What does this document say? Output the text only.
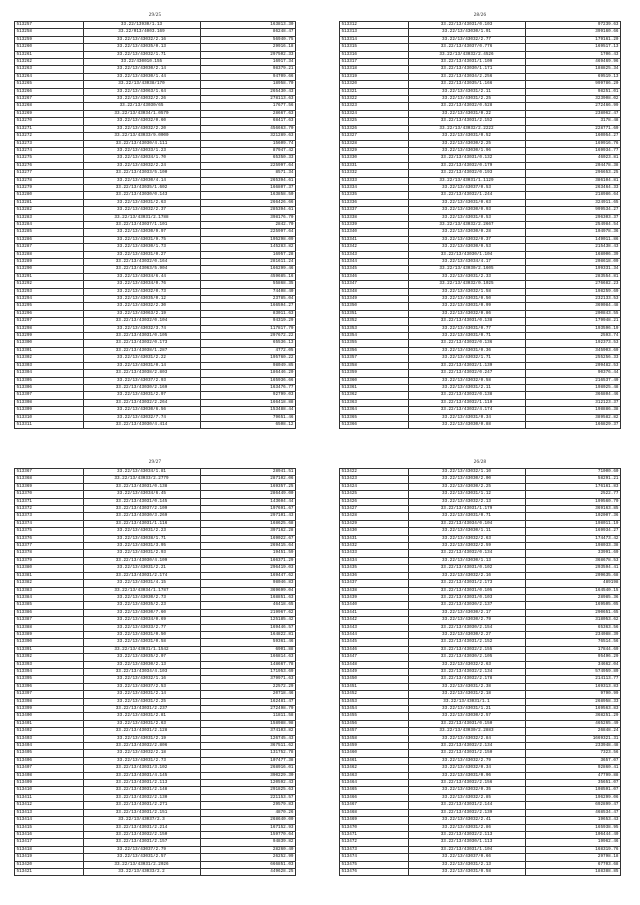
29/25
513257	33.22/13930/1.13	163813.30
513258	33.22/013/4003.169	86248.47
513259	33.22/13/43032/2.16	56940.75
513260	33.22/13/43035/0.13	29916.18
513261	33.22/13/43032/1.71	297502.33
513262	33.22/430010.155	16917.34
513263	33.22/13/43030/2.14	98379.21
513264	33.22/13/43030/1.44	94709.66
513265	33.22/13/43038/170	18958.70
513266	33.22/13/43063/1.64	265430.43
513267	33.22/13/43032/2.26	278113.63
513268	33.22/13/43030/65	17677.56
513269	33.22/13/43034/1.0570	28667.63
513270	33.22/13/43032/0.60	68417.63
513271	33.22/13/43032/2.20	456663.70
513272	33.22/13/43033/9.0000	321289.63
513273	33.22/13/43030/4.111	15609.74
513274	33.22/13/43033/1.23	87947.42
513275	33.22/13/43034/1.70	65350.33
513276	33.22/13/43032/2.24	225997.64
513277	33.22/13/43033/5.100	8571.34
513278	33.22/13/43030/4.14	265394.61
513279	33.22/13/43035/1.602	166807.37
513280	33.22/13/43030/0.143	163858.50
513281	33.22/13/43031/2.63	266426.66
513282	33.22/13/43032/2.37	285394.61
513283	33.22/13/43031/2.1788	398176.70
513284	33.22/13/43037/1.101	2842.70
513285	33.22/13/43030/9.97	225997.64
513286	33.22/13/43031/9.75	195298.09
513287	33.22/13/43030/1.73	145283.82
513288	33.22/13/43031/0.27	16957.28
513289	33.22/13/43032/0.164	281611.24
513290	33.22/13/43063/5.904	166299.46
513291	33.22/13/43034/6.44	459685.16
513292	33.22/13/43034/0.76	55868.35
513293	33.22/13/43032/0.73	74408.40
513294	33.22/13/43035/0.12	23785.04
513295	33.22/13/43032/2.30	166594.27
513296	33.22/13/43063/2.19	83011.63
513297	33.22/13/43032/0.104	94319.29
513298	33.22/13/43032/3.74	117817.79
513299	33.22/13/43031/0.105	297672.22
513300	33.22/13/43032/0.173	65536.13
513301	33.22/13/43038/1.287	4772.05
513302	33.22/13/43031/2.22	195760.22
513303	33.22/13/43031/0.14	98049.85
513304	33.22/13/43038/2.803	186446.20
513305	33.22/13/43037/2.93	165936.66
513306	33.22/13/43030/2.169	163476.77
513307	33.22/13/43031/2.97	92799.03
513308	33.22/13/43032/2.264	166418.88
513309	33.22/13/43030/6.56	153488.44
513310	33.22/13/43032/7.74	79651.46
513311	33.22/13/43030/4.414	6508.12
28/26
513312	33.22/13/43031/0.103	97239.63
513313	33.22/13/43030/1.91	399160.66
513314	33.22/13/43032/2.77	179161.20
513315	33.22/13/43037/0.776	169517.13
513316	33.22/13/43032/2.4526	1706.43
513317	33.22/13/43031/1.109	469469.96
513318	33.22/13/43030/1.171	188825.34
513319	33.22/13/43034/2.256	69519.13
513320	33.22/13/43035/1.166	999786.20
513321	33.22/13/43031/2.11	98251.01
513322	33.22/13/43031/2.25	323908.02
513323	33.22/13/43032/0.528	272466.99
513324	33.22/13/43031/0.22	238062.47
513325	33.22/13/43031/2.152	3178.48
513326	33.22/13/43032/2.2222	228771.69
513327	33.22/13/43031/0.52	160054.27
513328	33.22/13/43030/2.25	169916.76
513329	33.22/13/43030/1.96	169934.77
513330	33.22/13/43031/0.132	46023.81
513331	33.22/13/43032/0.179	204478.38
513332	33.22/13/43032/0.193	296653.25
513333	33.22/13/43031/1.1129	386104.81
513334	33.22/13/43037/0.53	263464.33
513335	33.22/13/43032/1.244	218986.64
513336	33.22/13/43031/0.63	324911.65
513337	33.22/13/43030/0.93	999534.27
513338	33.22/13/43031/0.53	296303.37
513339	33.22/13/43032/2.2667	254984.54
513340	33.22/13/43030/0.28	104978.36
513341	33.22/13/43032/0.37	149011.86
513342	33.22/13/43030/0.53	215438.43
513343	33.22/13/43030/1.104	168006.39
513344	33.22/13/43034/4.17	208618.09
513345	33.22/13/43030/2.1605	199331.34
513346	33.22/13/43031/2.33	283554.81
513347	33.22/13/43032/0.1025	276682.23
513348	33.22/13/43032/1.58	198259.69
513349	33.22/13/43031/0.50	232133.53
513350	33.22/13/43031/0.99	369084.48
513351	33.22/13/43032/0.86	200843.55
513352	33.22/13/43031/0.138	179948.21
513353	33.22/13/43031/0.77	193596.19
513354	33.22/13/43031/0.71	2593.74
513355	33.22/13/43032/0.136	192373.53
513356	33.22/13/43031/0.36	345903.69
513357	33.22/13/43032/1.71	255256.33
513358	33.22/13/43032/1.139	209482.53
513359	33.22/13/43032/0.247	90376.44
513360	33.22/13/43032/0.58	216537.49
513361	33.22/13/43031/2.11	198025.48
513362	33.22/13/43032/0.138	366804.46
513363	33.22/13/43032/1.110	312123.37
513364	33.22/13/43032/4.174	198886.38
513365	33.22/13/43031/0.34	389582.82
513366	33.22/13/43030/0.88	166829.37
29/27
513367	33.22/13/43034/1.81	28941.51
513368	33.22/13/43033/2.2779	287102.06
513369	33.22/13/43031/0.138	169357.25
513370	33.22/13/43034/6.45	286449.00
513371	33.22/13/43031/0.145	143604.44
513372	33.22/13/43037/2.109	197691.67
513373	33.22/13/43030/3.269	297101.43
513374	33.22/13/43031/1.116	168625.68
513375	33.22/13/43031/2.23	397162.28
513376	33.22/13/43038/1.71	169022.67
513377	33.22/13/43031/3.95	269415.64
513378	33.22/13/43031/2.93	19451.59
513379	33.22/13/43030/4.109	166371.29
513380	33.22/13/43031/2.21	296419.03
513381	33.22/13/43031/2.174	169447.62
513382	33.22/13/43031/4.15	98046.83
513383	33.22/13/43034/1.1787	369699.04
513384	33.22/13/43030/2.73	168851.63
513385	33.22/13/43035/2.23	46418.65
513386	33.22/13/43030/7.60	219967.62
513387	33.22/13/43034/0.69	125185.42
513388	33.22/13/43033/2.77	169446.57
513389	33.22/13/43031/0.50	164822.81
513390	33.22/13/43031/0.58	59361.46
513391	33.22/13/43031/1.1542	6901.88
513392	33.22/13/43035/2.07	166814.63
513393	33.22/13/43030/2.13	148667.78
513394	33.22/13/43034/4.103	171953.69
513395	33.22/13/43032/1.16	379971.63
513396	33.22/13/43037/2.53	22572.29
513397	33.22/13/43031/2.14	20718.46
513398	33.22/13/43031/2.25	162481.47
513399	33.22/13/43031/2.237	272498.79
513400	33.22/13/43031/2.81	11811.58
513401	33.22/13/43031/2.63	158988.98
513402	33.22/13/43031/2.128	374103.82
513403	33.22/13/43031/2.19	126745.43
513404	33.22/13/43032/2.806	367511.62
513405	33.22/13/43032/2.18	131752.78
513406	33.22/13/43031/2.73	107477.38
513407	33.22/13/43031/3.102	268916.01
513408	33.22/13/43031/4.145	390229.30
513409	33.22/13/43031/2.113	120592.43
513410	33.22/13/43031/2.148	291825.63
513411	33.22/13/43032/2.130	221153.57
513412	33.22/13/43031/2.271	29579.83
513413	33.22/13/43031/2.151	4870.26
513414	33.22/13/43037/2.3	268640.00
513415	33.22/13/43031/2.214	167152.93
513416	33.22/13/43032/2.150	159770.64
513417	33.22/13/43031/2.157	94839.82
513418	33.22/13/43037/2.79	28260.40
513419	33.22/13/43031/2.57	26252.99
513420	33.22/13/43031/2.2026	666851.03
513421	33.22/13/43033/2.2	449628.25
26/28
513422	33.22/13/43032/1.10	71000.60
513423	33.22/13/43030/2.00	58291.21
513424	33.22/13/43030/2.25	176161.83
513425	33.22/13/43031/1.12	2522.77
513426	33.22/13/43032/2.13	199560.70
513427	33.22/13/43031/1.179	369163.85
513428	33.22/13/43031/0.71	102007.36
513429	33.22/13/43034/0.104	198011.19
513430	33.22/13/43030/1.11	169934.27
513431	33.22/13/43032/2.63	174473.42
513432	33.22/13/43032/2.59	198033.38
513433	33.22/13/43032/0.134	33991.69
513434	33.22/13/43030/1.13	368678.53
513435	33.22/13/43031/0.102	293594.41
513436	33.22/13/43032/2.16	209635.68
513437	33.22/13/43031/2.173	489198
513438	33.22/13/43031/0.105	164540.15
513439	33.22/13/43031/0.103	28985.36
513440	33.22/13/43030/2.137	169505.05
513441	33.22/13/43030/2.17	290651.65
513442	33.22/13/43030/2.79	318053.62
513443	33.22/13/43030/2.154	65363.56
513444	33.22/13/43030/2.27	234088.39
513445	33.22/13/43031/2.152	76514.56
513446	33.22/13/43032/2.155	17844.69
513447	33.22/13/43030/2.105	95496.29
513448	33.22/13/43032/2.63	34662.04
513449	33.22/13/43032/2.134	574959.89
513450	33.22/13/43032/2.178	214113.77
513451	33.22/13/43031/2.38	169313.83
513452	33.22/13/43031/2.18	9790.99
513453	33.22/13/43031/1.1	268958.33
513454	33.22/13/43031/1.21	169563.83
513455	33.22/13/43030/2.57	368251.29
513456	33.22/13/43031/0.150	465265.49
513457	33.22/13/43030/2.2883	26848.24
513458	33.22/13/43032/2.84	1669321.31
513459	33.22/13/43032/2.134	233948.48
513460	33.22/13/43031/2.150	7323.56
513461	33.22/13/43032/2.79	3657.07
513462	33.22/13/43032/0.34	92860.41
513463	33.22/13/43031/0.96	47799.88
513464	33.22/13/43032/2.156	35651.07
513465	33.22/13/43032/0.35	108591.07
513466	33.22/13/43032/2.85	196299.06
513467	33.22/13/43031/2.144	692899.47
513468	33.22/13/43032/2.139	468534.47
513469	33.22/13/43032/2.41	19653.43
513470	33.22/13/43031/2.86	165938.95
513471	33.22/13/43032/2.113	106444.40
513472	33.22/13/43030/1.113	19962.46
513473	33.22/13/43031/1.104	168319.76
513474	33.22/13/43037/0.66	29798.18
513475	33.22/13/43031/2.13	67703.68
513476	33.22/13/43031/0.58	188388.85
